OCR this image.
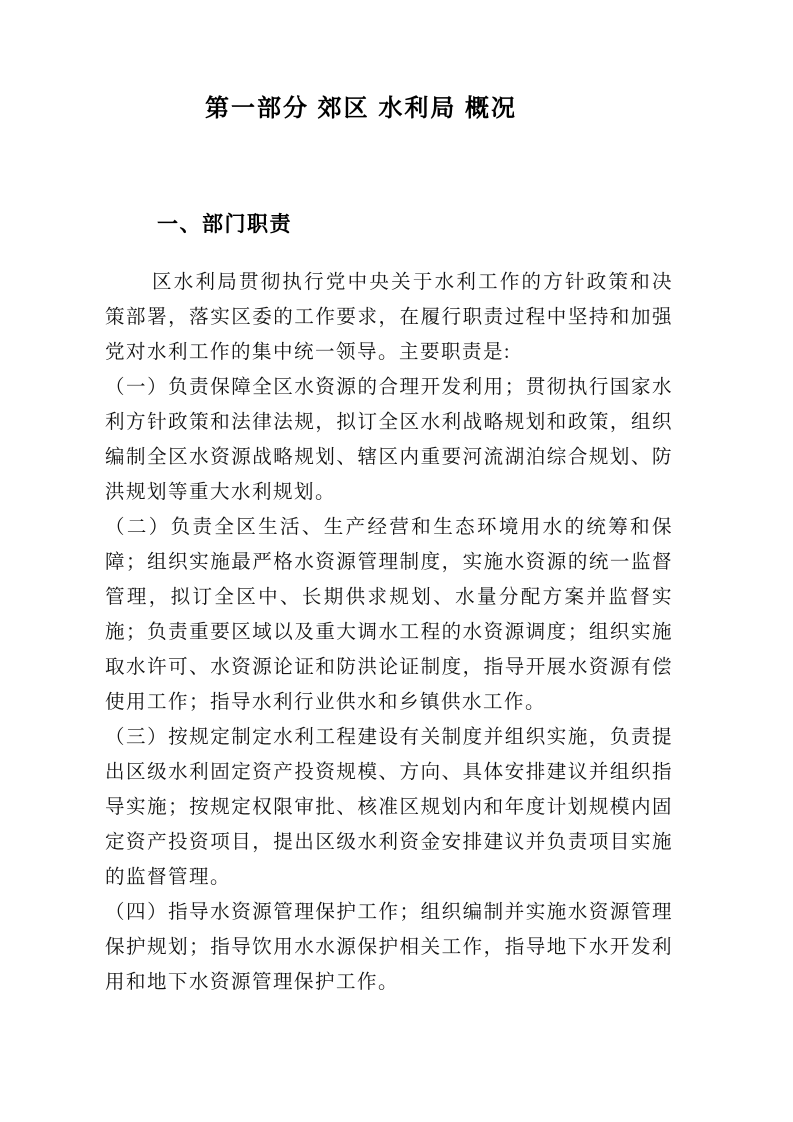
第一部分 郊区 水利局 概况
一、部门职责

区水利局贯彻执行党中央关于水利工作的方针政策和决策部署，落实区委的工作要求，在履行职责过程中坚持和加强党对水利工作的集中统一领导。主要职责是:

（一）负责保障全区水资源的合理开发利用；贯彻执行国家水利方针政策和法律法规，拟订全区水利战略规划和政策，组织编制全区水资源战略规划、辖区内重要河流湖泊综合规划、防洪规划等重大水利规划。

（二）负责全区生活、生产经营和生态环境用水的统筹和保障；组织实施最严格水资源管理制度，实施水资源的统一监督管理，拟订全区中、长期供求规划、水量分配方案并监督实施；负责重要区域以及重大调水工程的水资源调度；组织实施取水许可、水资源论证和防洪论证制度，指导开展水资源有偿使用工作；指导水利行业供水和乡镇供水工作。

（三）按规定制定水利工程建设有关制度并组织实施，负责提出区级水利固定资产投资规模、方向、具体安排建议并组织指导实施；按规定权限审批、核准区规划内和年度计划规模内固定资产投资项目，提出区级水利资金安排建议并负责项目实施的监督管理。

（四）指导水资源管理保护工作；组织编制并实施水资源管理保护规划；指导饮用水水源保护相关工作，指导地下水开发利用和地下水资源管理保护工作。
